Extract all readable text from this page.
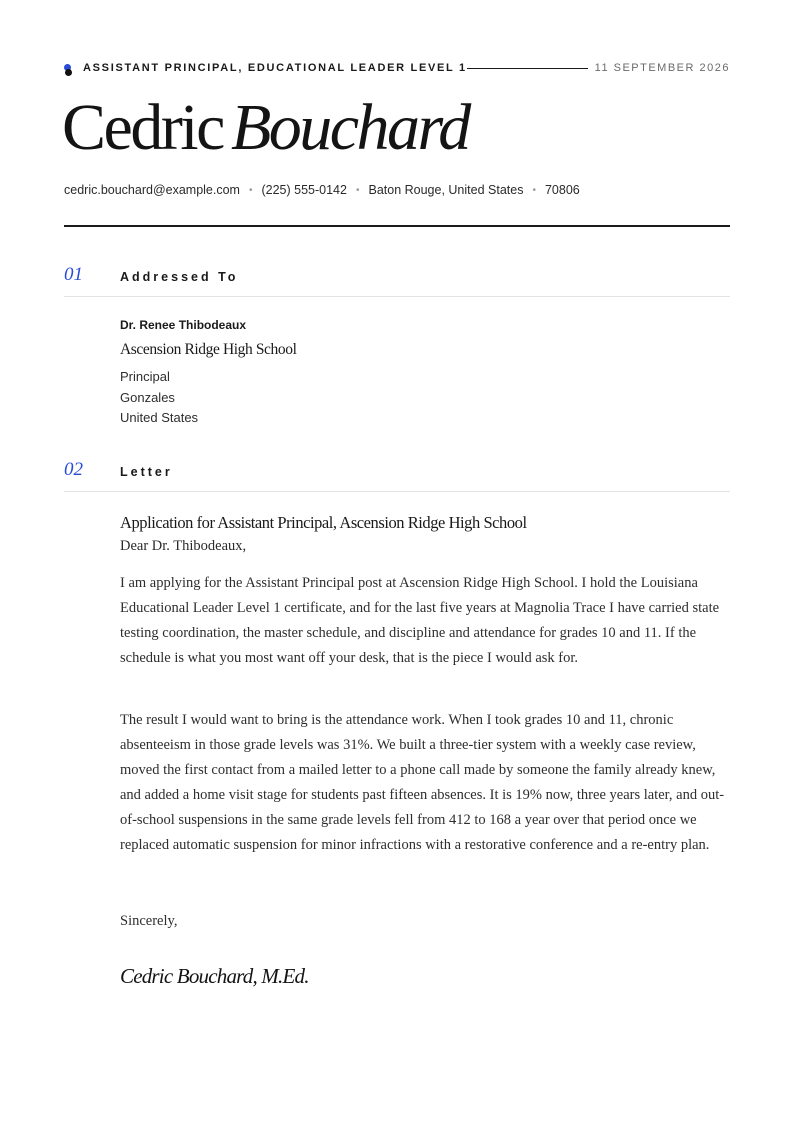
ASSISTANT PRINCIPAL, EDUCATIONAL LEADER LEVEL 1	11 SEPTEMBER 2026
Cedric Bouchard
cedric.bouchard@example.com • (225) 555-0142 • Baton Rouge, United States • 70806
01	Addressed To
Dr. Renee Thibodeaux
Ascension Ridge High School
Principal
Gonzales
United States
02	Letter
Application for Assistant Principal, Ascension Ridge High School
Dear Dr. Thibodeaux,

I am applying for the Assistant Principal post at Ascension Ridge High School. I hold the Louisiana Educational Leader Level 1 certificate, and for the last five years at Magnolia Trace I have carried state testing coordination, the master schedule, and discipline and attendance for grades 10 and 11. If the schedule is what you most want off your desk, that is the piece I would ask for.

The result I would want to bring is the attendance work. When I took grades 10 and 11, chronic absenteeism in those grade levels was 31%. We built a three-tier system with a weekly case review, moved the first contact from a mailed letter to a phone call made by someone the family already knew, and added a home visit stage for students past fifteen absences. It is 19% now, three years later, and out-of-school suspensions in the same grade levels fell from 412 to 168 a year over that period once we replaced automatic suspension for minor infractions with a restorative conference and a re-entry plan.

Sincerely,
Cedric Bouchard, M.Ed.
